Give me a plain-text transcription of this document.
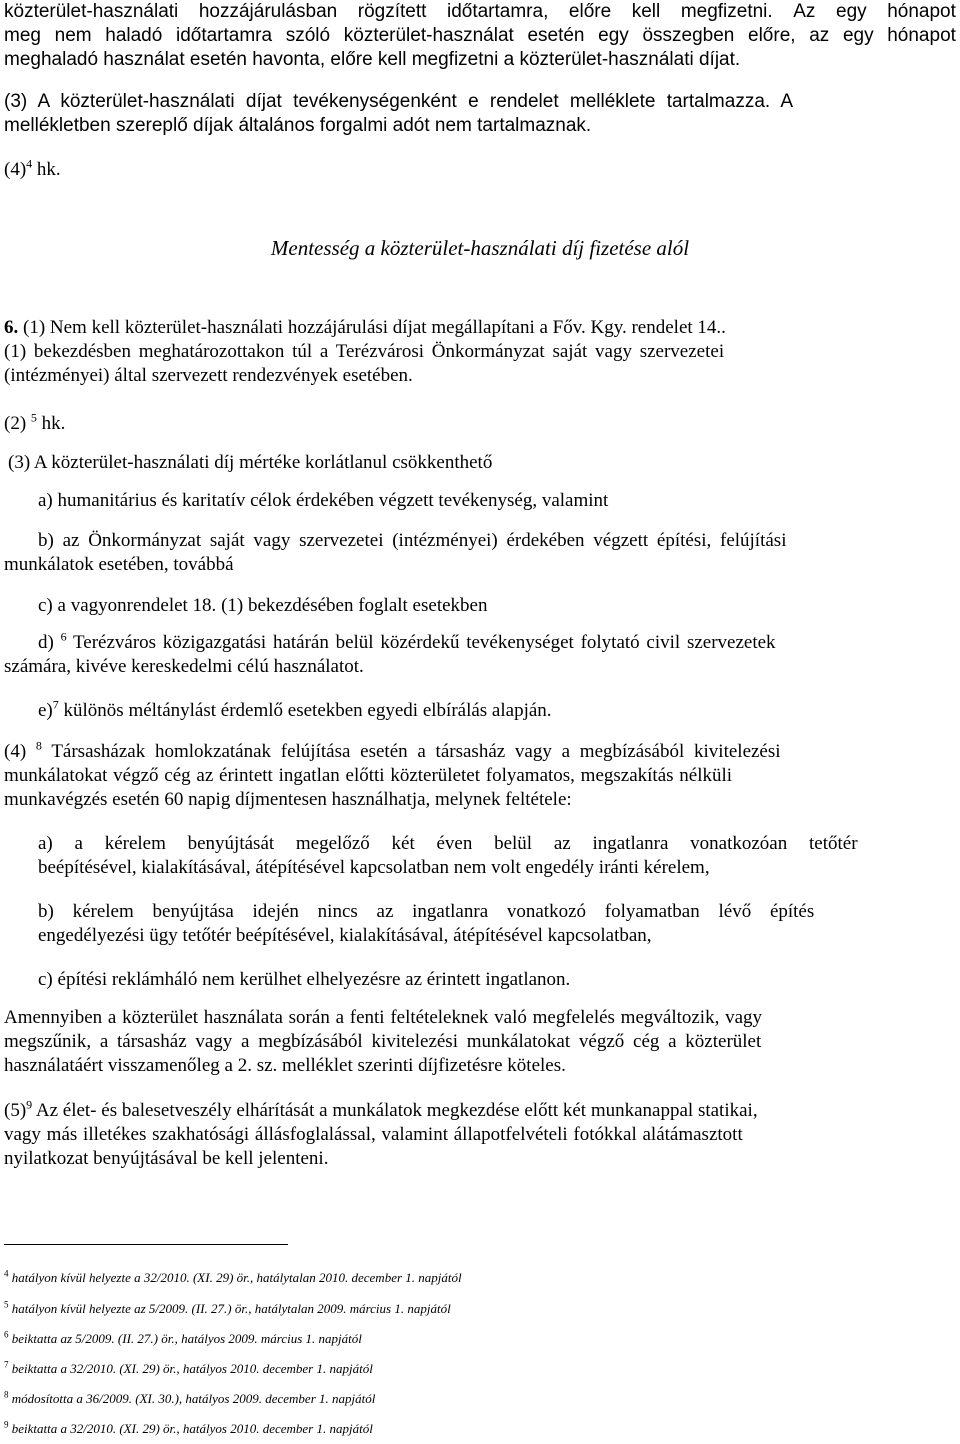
közterület-használati hozzájárulásban rögzített időtartamra, előre kell megfizetni. Az egy hónapot
meg nem haladó időtartamra szóló közterület-használat esetén egy összegben előre, az egy hónapot
meghaladó használat esetén havonta, előre kell megfizetni a közterület-használati díjat.
(3) A közterület-használati díjat tevékenységenként e rendelet melléklete tartalmazza. A
mellékletben szereplő díjak általános forgalmi adót nem tartalmaznak.
$(4)^4$ hk.
Mentesség a közterület-használati díj fizetése alól
6. (1) Nem kell közterület-használati hozzájárulási díjat megállapítani a Főv. Kgy. rendelet 14..
(1) bekezdésben meghatározottakon túl a Terézvárosi Önkormányzat saját vagy szervezetei
(intézményei) által szervezett rendezvények esetében.
(2) $^5$ hk.
(3) A közterület-használati díj mértéke korlátlanul csökkenthető
a) humanitárius és karitatív célok érdekében végzett tevékenység, valamint
b) az Önkormányzat saját vagy szervezetei (intézményei) érdekében végzett építési, felújítási
munkálatok esetében, továbbá
c) a vagyonrendelet 18. (1) bekezdésében foglalt esetekben
d) $^6$ Terézváros közigazgatási határán belül közérdekű tevékenységet folytató civil szervezetek
számára, kivéve kereskedelmi célú használatot.
e)$^7$ különös méltánylást érdemlő esetekben egyedi elbírálás alapján.
(4) $^8$ Társasházak homlokzatának felújítása esetén a társasház vagy a megbízásából kivitelezési
munkálatokat végző cég az érintett ingatlan előtti közterületet folyamatos, megszakítás nélküli
munkavégzés esetén 60 napig díjmentesen használhatja, melynek feltétele:
a) a kérelem benyújtását megelőző két éven belül az ingatlanra vonatkozóan tetőtér
beépítésével, kialakításával, átépítésével kapcsolatban nem volt engedély iránti kérelem,
b) kérelem benyújtása idején nincs az ingatlanra vonatkozó folyamatban lévő építés
engedélyezési ügy tetőtér beépítésével, kialakításával, átépítésével kapcsolatban,
c) építési reklámháló nem kerülhet elhelyezésre az érintett ingatlanon.
Amennyiben a közterület használata során a fenti feltételeknek való megfelelés megváltozik, vagy
megszűnik, a társasház vagy a megbízásából kivitelezési munkálatokat végző cég a közterület
használatáért visszamenőleg a 2. sz. melléklet szerinti díjfizetésre köteles.
$(5)^9$ Az élet- és balesetveszély elhárítását a munkálatok megkezdése előtt két munkanappal statikai,
vagy más illetékes szakhatósági állásfoglalással, valamint állapotfelvételi fotókkal alátámasztott
nyilatkozat benyújtásával be kell jelenteni.
$^4$ hatályon kívül helyezte a 32/2010. (XI. 29) ör., hatálytalan 2010. december 1. napjától
$^5$ hatályon kívül helyezte az 5/2009. (II. 27.) ör., hatálytalan 2009. március 1. napjától
$^6$ beiktatta az 5/2009. (II. 27.) ör., hatályos 2009. március 1. napjától
$^7$ beiktatta a 32/2010. (XI. 29) ör., hatályos 2010. december 1. napjától
$^8$ módosította a 36/2009. (XI. 30.), hatályos 2009. december 1. napjától
$^9$ beiktatta a 32/2010. (XI. 29) ör., hatályos 2010. december 1. napjától
